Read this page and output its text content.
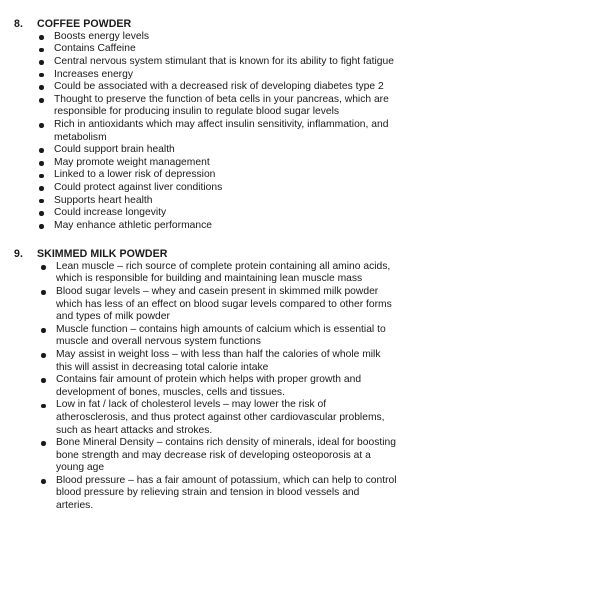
8. COFFEE POWDER
Boosts energy levels
Contains Caffeine
Central nervous system stimulant that is known for its ability to fight fatigue
Increases energy
Could be associated with a decreased risk of developing diabetes type 2
Thought to preserve the function of beta cells in your pancreas, which are
responsible for producing insulin to regulate blood sugar levels
Rich in antioxidants which may affect insulin sensitivity, inflammation, and
metabolism
Could support brain health
May promote weight management
Linked to a lower risk of depression
Could protect against liver conditions
Supports heart health
Could increase longevity
May enhance athletic performance
9. SKIMMED MILK POWDER
Lean muscle – rich source of complete protein containing all amino acids,
which is responsible for building and maintaining lean muscle mass
Blood sugar levels – whey and casein present in skimmed milk powder
which has less of an effect on blood sugar levels compared to other forms
and types of milk powder
Muscle function – contains high amounts of calcium which is essential to
muscle and overall nervous system functions
May assist in weight loss – with less than half the calories of whole milk
this will assist in decreasing total calorie intake
Contains fair amount of protein which helps with proper growth and
development of bones, muscles, cells and tissues.
Low in fat / lack of cholesterol levels – may lower the risk of
atherosclerosis, and thus protect against other cardiovascular problems,
such as heart attacks and strokes.
Bone Mineral Density – contains rich density of minerals, ideal for boosting
bone strength and may decrease risk of developing osteoporosis at a
young age
Blood pressure – has a fair amount of potassium, which can help to control
blood pressure by relieving strain and tension in blood vessels and
arteries.
